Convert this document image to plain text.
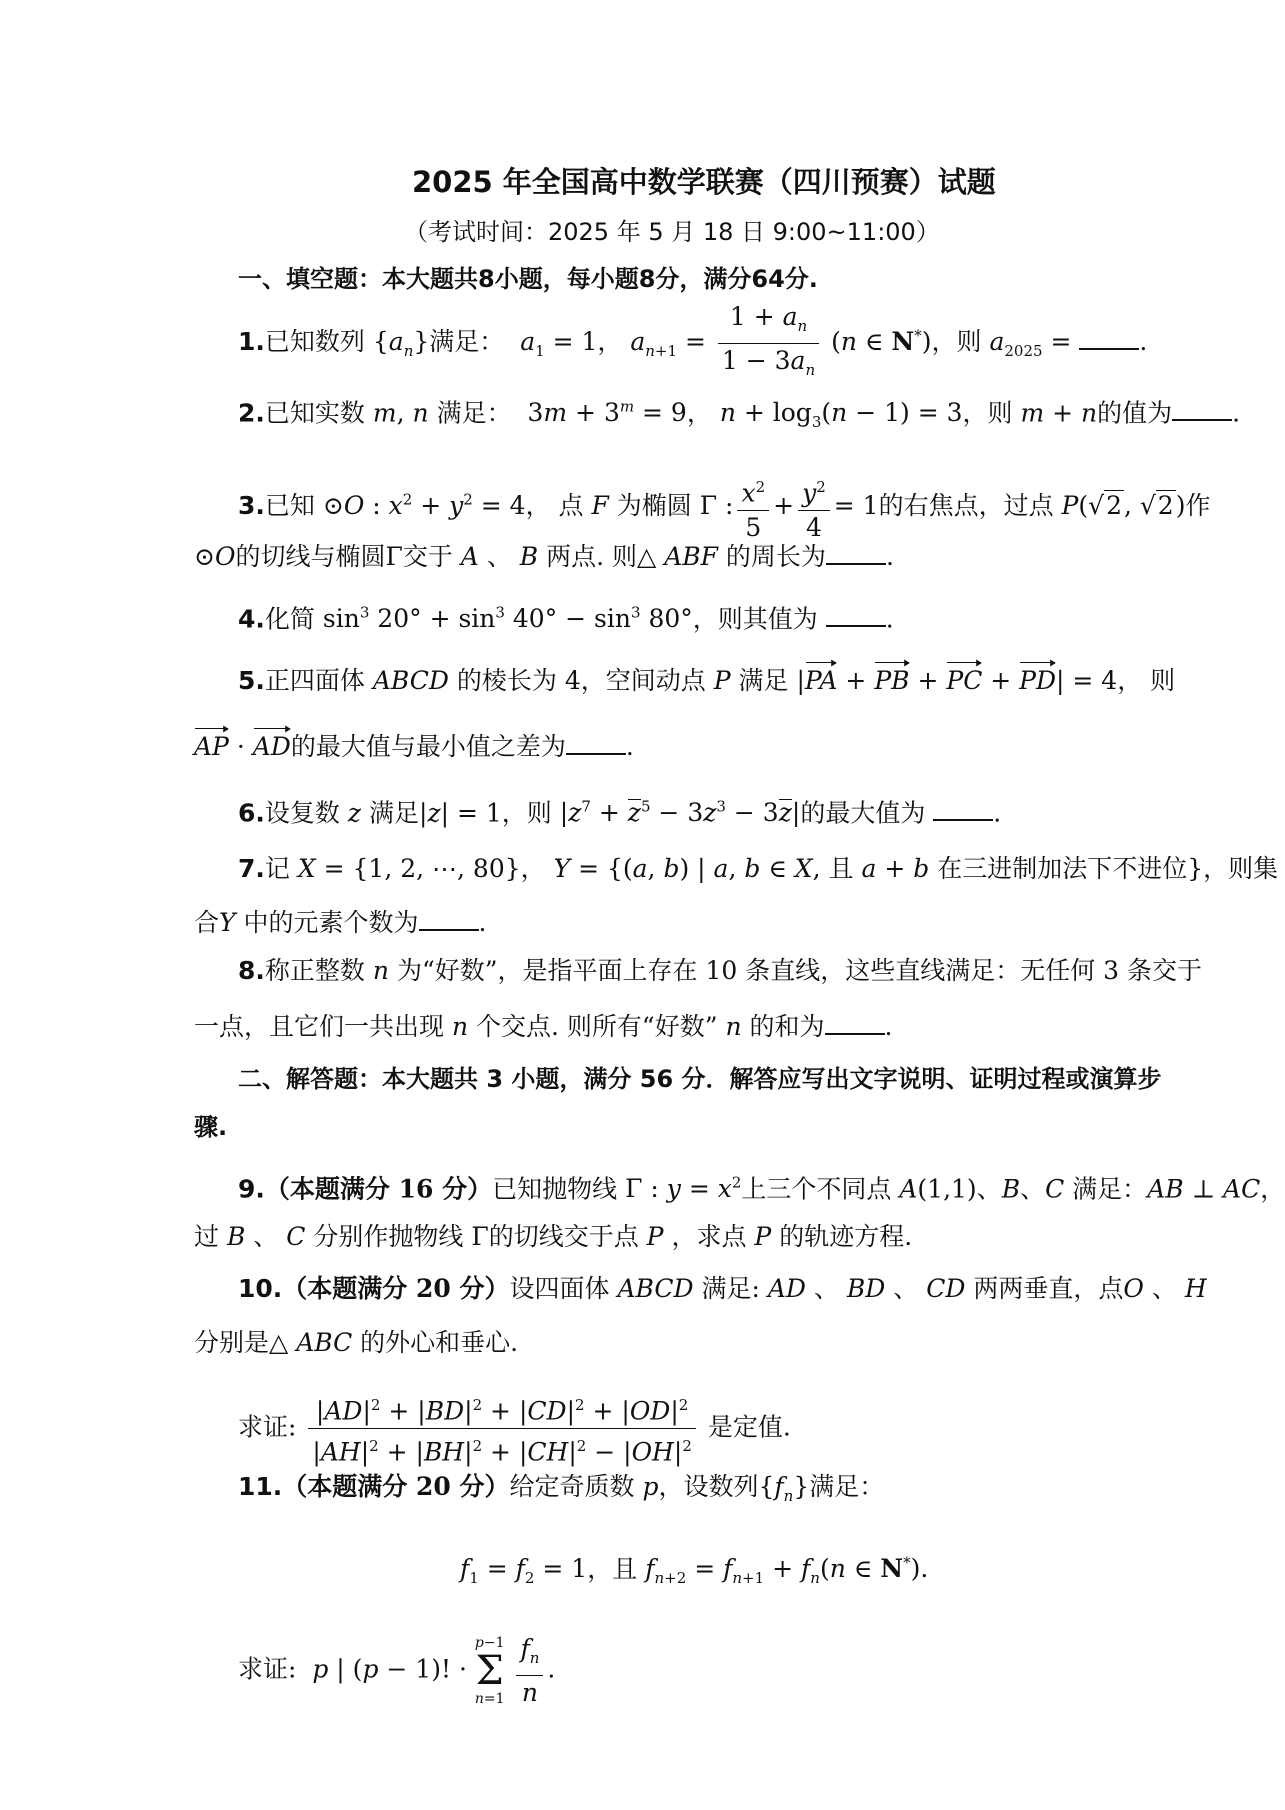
2025 年全国高中数学联赛（四川预赛）试题
（考试时间：2025 年 5 月 18 日 9:00~11:00）
一、填空题：本大题共8小题，每小题8分，满分64分.
1.已知数列 $\{a_n\}$满足： $a_1 = 1$， $a_{n+1} = \frac{1 + a_n}{1 - 3a_n} (n$ ∈ N*)，则 $a_{2025}$ = .
2.已知实数 m, n 满足：  $3m + 3^m = 9$， $n + \log_3(n - 1) = 3$，则 m + n的值为 .
3.已知 ⊙O : $x^2 + y^2 = 4$， 点 F 为椭圆 Γ : $\frac{x^2}{5} + \frac{y^2}{4} = 1$的右焦点，过点 P(√2, √2)作
⊙O的切线与椭圆Γ交于 A 、 B 两点. 则△ ABF 的周长为 .
4.化简 $\sin^3 20^\circ + \sin^3 40^\circ - \sin^3 80^\circ$，则其值为	.
5.正四面体 ABCD 的棱长为 4，空间动点 P 满足 |PA + PB + PC + PD| = 4， 则
AP · AD的最大值与最小值之差为 .
6.设复数 z 满足|z| = 1，则 $|z^7 + z^5 - 3z^3 - 3z|$的最大值为	.
7.记 X = {1, 2, ⋯, 80}， Y = {(a, b) | a, b ∈ X, 且 a + b 在三进制加法下不进位}，则集
合Y 中的元素个数为 .
8.称正整数 n 为“好数”，是指平面上存在 10 条直线，这些直线满足：无任何 3 条交于
一点，且它们一共出现 n 个交点. 则所有“好数” n 的和为 .
二、解答题：本大题共 3 小题，满分 56 分．解答应写出文字说明、证明过程或演算步
骤.
9.（本题满分 16 分）已知抛物线 Γ : $y = x^2$上三个不同点 A(1,1)、B、C 满足：AB ⊥ AC，
过 B 、 C 分别作抛物线 Γ的切线交于点 P ，求点 P 的轨迹方程.
10.（本题满分 20 分）设四面体 ABCD 满足: AD 、 BD 、 CD 两两垂直，点O 、 H
分别是△ ABC 的外心和垂心.
求证: $\frac{|AD|^2 + |BD|^2 + |CD|^2 + |OD|^2}{|AH|^2 + |BH|^2 + |CH|^2 - |OH|^2}$ 是定值.
11.（本题满分 20 分）给定奇质数 p，设数列$\{f_n\}$满足：
$f_1 = f_2 = 1$，且 $f_{n+2} = f_{n+1} + f_n(n$ ∈ N*).
求证: p | (p − 1)! · p−1
Σ
$n=1 \frac{f_n}{n}$ .
